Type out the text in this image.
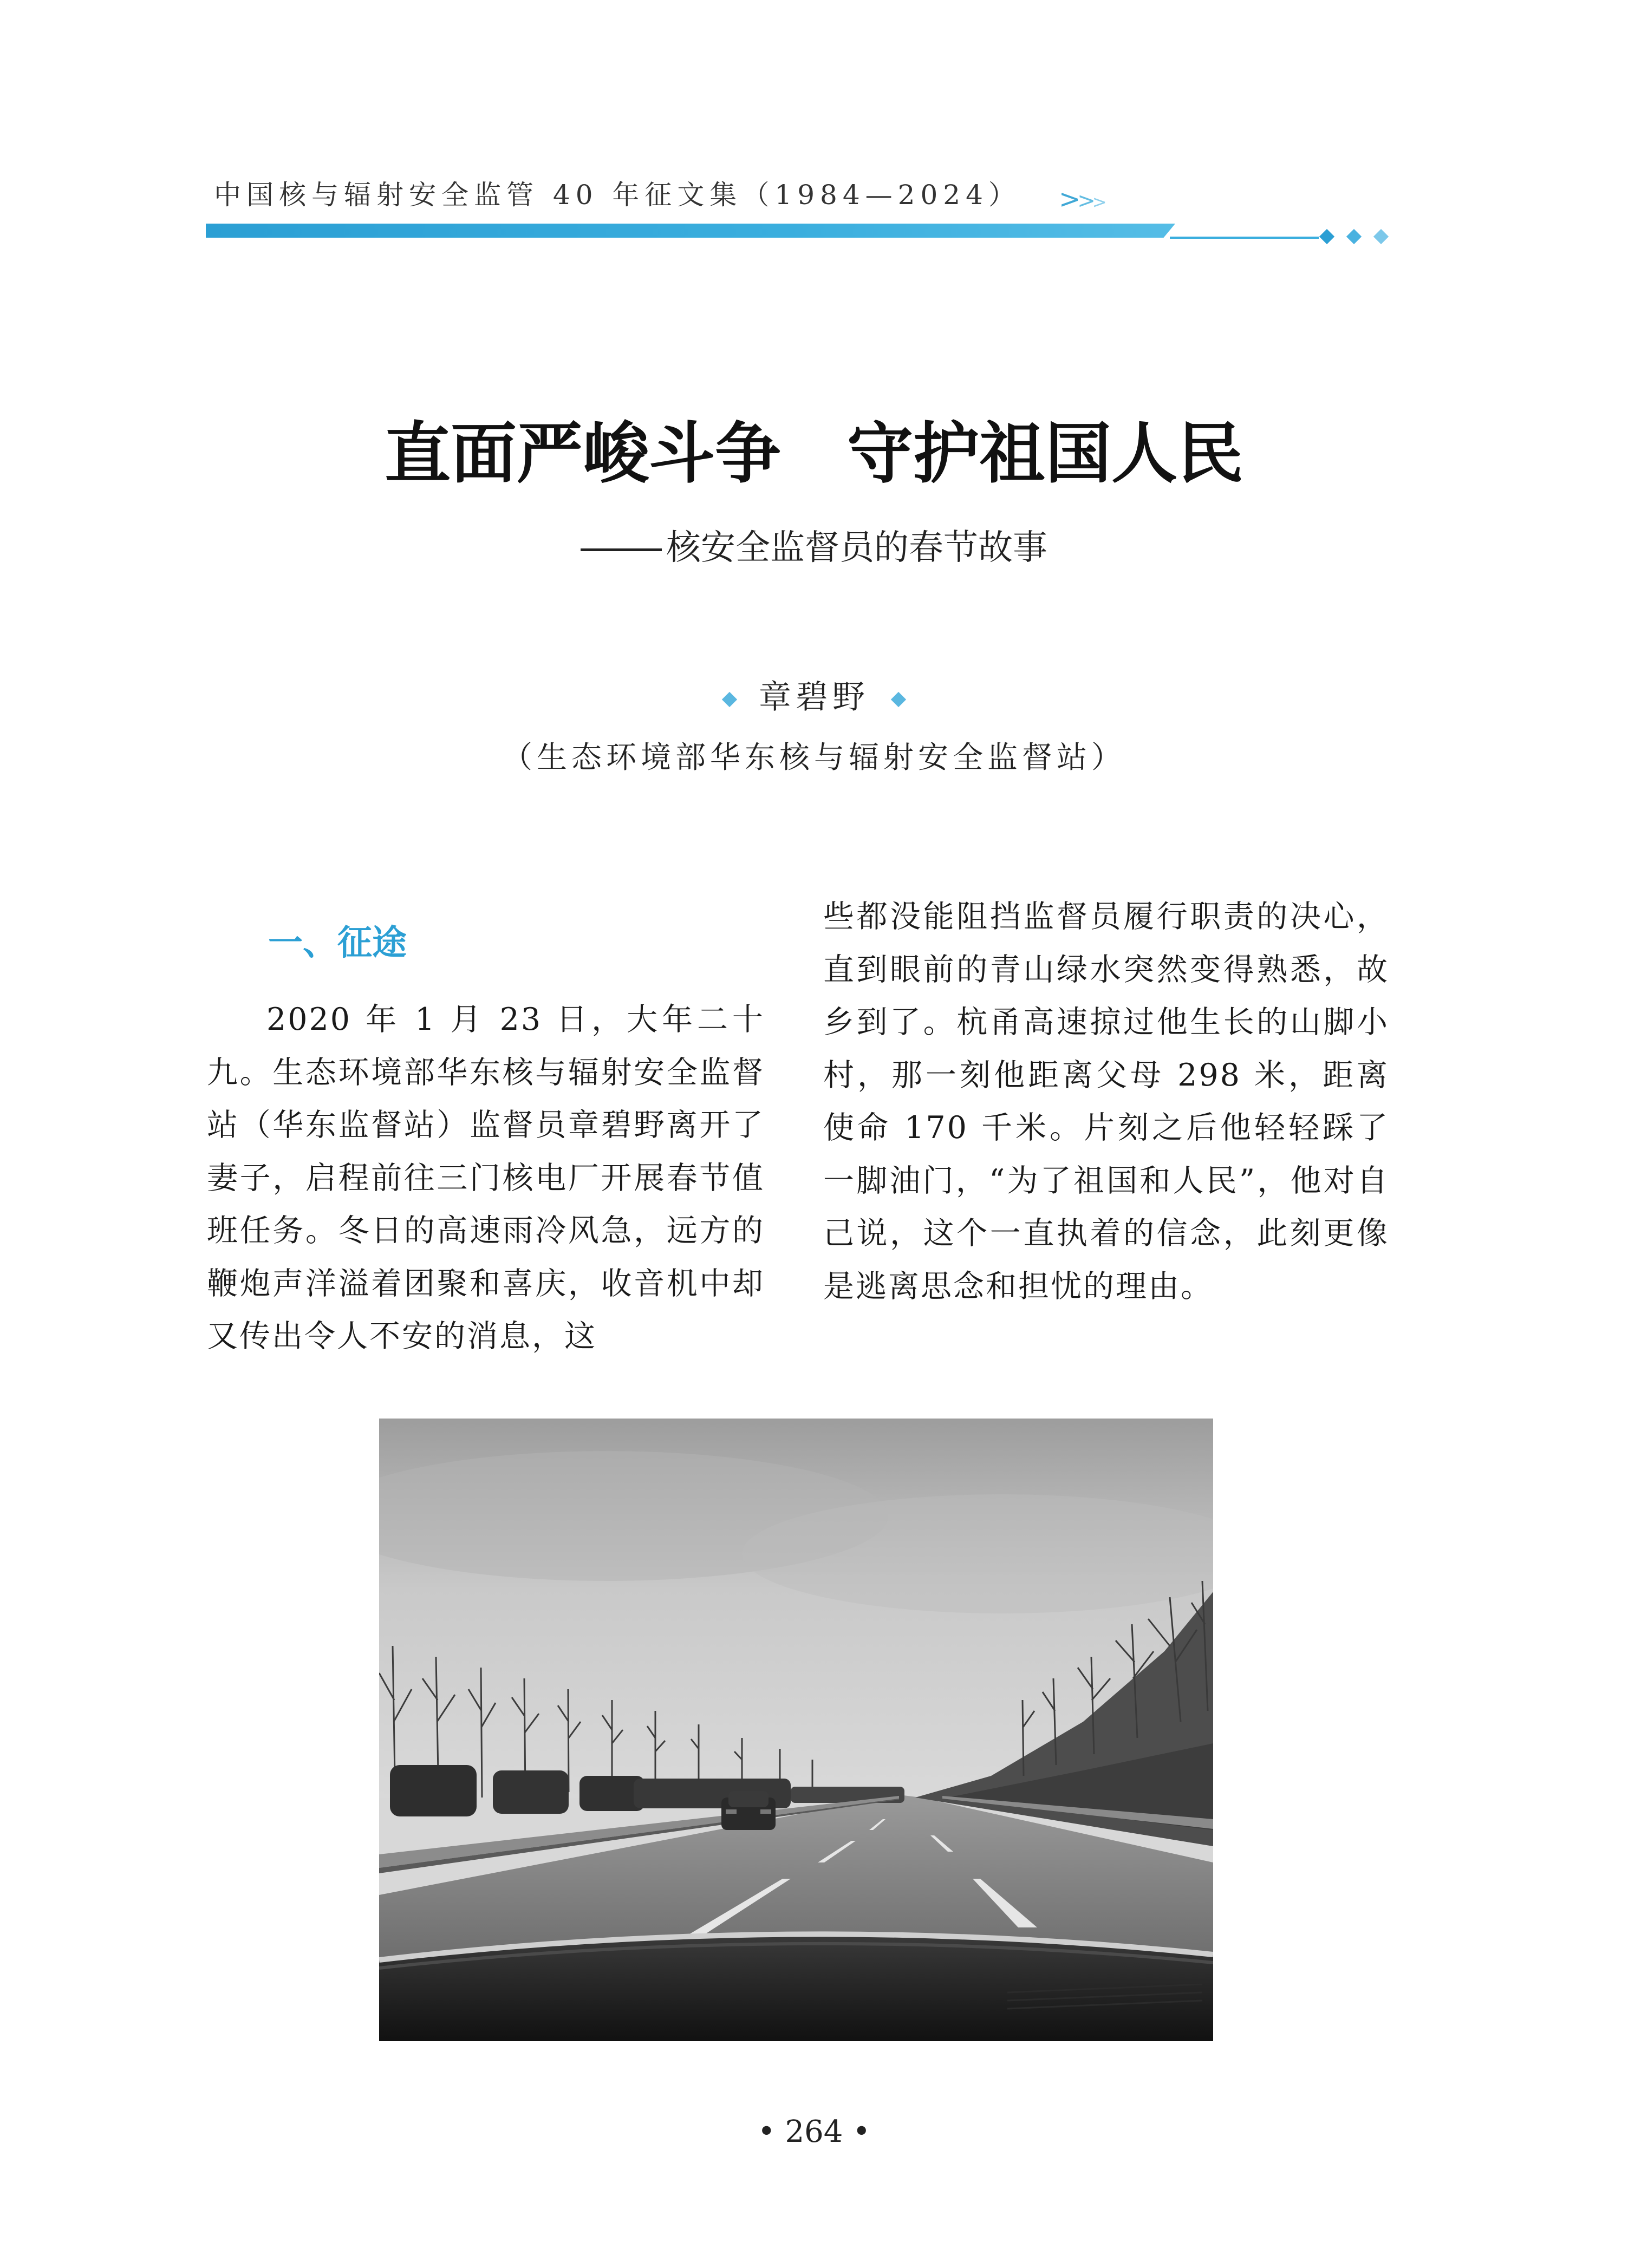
中国核与辐射安全监管 40 年征文集（1984—2024） >>>
直面严峻斗争　守护祖国人民
核安全监督员的春节故事
章碧野
（生态环境部华东核与辐射安全监督站）
一、征途

2020 年 1 月 23 日，大年二十九。生态环境部华东核与辐射安全监督站（华东监督站）监督员章碧野离开了妻子，启程前往三门核电厂开展春节值班任务。冬日的高速雨冷风急，远方的鞭炮声洋溢着团聚和喜庆，收音机中却又传出令人不安的消息，这

些都没能阻挡监督员履行职责的决心，直到眼前的青山绿水突然变得熟悉，故乡到了。杭甬高速掠过他生长的山脚小村，那一刻他距离父母 298 米，距离使命 170 千米。片刻之后他轻轻踩了一脚油门，“为了祖国和人民”，他对自己说，这个一直执着的信念，此刻更像是逃离思念和担忧的理由。

• 264 •
